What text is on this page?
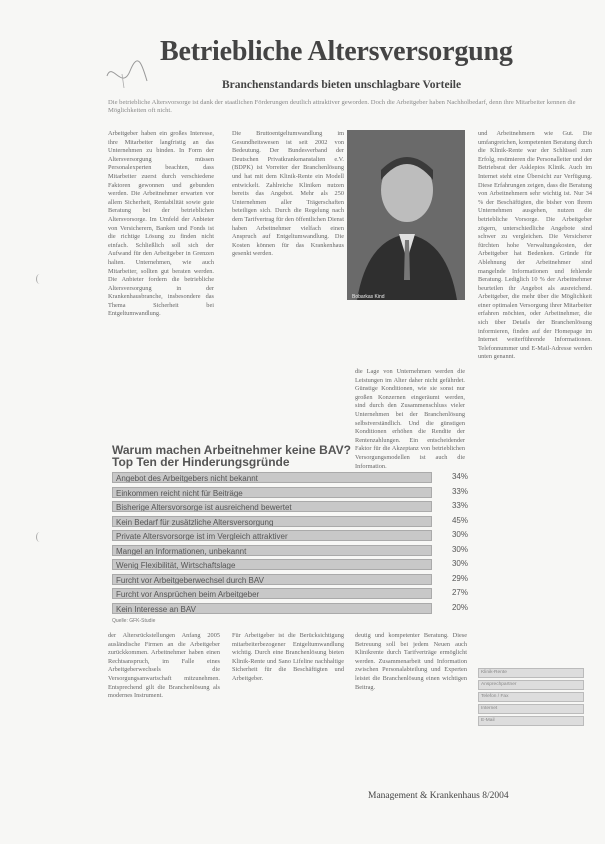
Betriebliche Altersversorgung
Branchenstandards bieten unschlagbare Vorteile
Die betriebliche Altersvorsorge ist dank der staatlichen Förderungen deutlich attraktiver geworden. Doch die Arbeitgeber haben Nachholbedarf, denn ihre Mitarbeiter kennen die Möglichkeiten oft nicht.
Arbeitgeber haben ein großes Interesse, ihre Mitarbeiter langfristig an das Unternehmen zu binden. In Form der Altersversorgung müssen Personalexperten beachten, dass Mitarbeiter zuerst durch verschiedene Faktoren gewonnen und gebunden werden. Die Arbeitnehmer erwarten vor allem Sicherheit, Rentabilität sowie gute Beratung bei der betrieblichen Altersvorsorge. Im Umfeld der Anbieter von Versicherern, Banken und Fonds ist die richtige Lösung zu finden nicht einfach. Schließlich soll sich der Aufwand für den Arbeitgeber in Grenzen halten. Unternehmen, wie auch Mitarbeiter, sollten gut beraten werden. Die Anbieter fordern die betriebliche Altersversorgung in der Krankenhausbranche, insbesondere das Thema Sicherheit bei Entgeltumwandlung.
Die Bruttoentgeltumwandlung im Gesundheitswesen ist seit 2002 von Bedeutung. Der Bundesverband der Deutschen Privatkrankenanstalten e.V. (BDPK) ist Vorreiter der Branchenlösung und hat mit dem Klinik-Rente ein Modell entwickelt. Zahlreiche Kliniken nutzen bereits das Angebot. Mehr als 250 Unternehmen aller Trägerschaften beteiligen sich. Durch die Regelung nach dem Tarifvertrag für den öffentlichen Dienst haben Arbeitnehmer vielfach einen Anspruch auf Entgeltumwandlung. Die Kosten können für das Krankenhaus gesenkt werden.
Bobarkas Kind
die Lage von Unternehmen werden die Leistungen im Alter daher nicht gefährdet. Günstige Konditionen, wie sie sonst nur großen Konzernen eingeräumt werden, sind durch den Zusammenschluss vieler Unternehmen bei der Branchenlösung selbstverständlich. Und die günstigen Konditionen erhöhen die Rendite der Rentenzahlungen. Ein entscheidender Faktor für die Akzeptanz von betrieblichen Versorgungsmodellen ist auch die Information.
und Arbeitnehmern wie Gut. Die umfangreichen, kompetenten Beratung durch die Klinik-Rente war der Schlüssel zum Erfolg, resümieren die Personalleiter und der Betriebsrat der Asklepios Klinik. Auch im Internet steht eine Übersicht zur Verfügung. Diese Erfahrungen zeigen, dass die Beratung von Arbeitnehmern sehr wichtig ist. Nur 34 % der Beschäftigten, die bisher von Ihrem Unternehmen ausgehen, nutzen die betriebliche Vorsorge. Die Arbeitgeber zögern, unterschiedliche Angebote sind schwer zu vergleichen. Die Versicherer fürchten hohe Verwaltungskosten, der Arbeitgeber hat Bedenken. Gründe für Ablehnung der Arbeitnehmer sind mangelnde Informationen und fehlende Beratung. Lediglich 10 % der Arbeitnehmer beurteilen ihr Angebot als ausreichend. Arbeitgeber, die mehr über die Möglichkeit einer optimalen Versorgung ihrer Mitarbeiter erfahren möchten, oder Arbeitnehmer, die sich über Details der Branchenlösung informieren, finden auf der Homepage im Internet weiterführende Informationen. Telefonnummer und E-Mail-Adresse werden unten genannt.
Warum machen Arbeitnehmer keine BAV?
Top Ten der Hinderungsgründe
Angebot des Arbeitgebers nicht bekannt	34%
Einkommen reicht nicht für Beiträge	33%
Bisherige Altersvorsorge ist ausreichend bewertet	33%
Kein Bedarf für zusätzliche Altersversorgung	45%
Private Altersvorsorge ist im Vergleich attraktiver	30%
Mangel an Informationen, unbekannt	30%
Wenig Flexibilität, Wirtschaftslage	30%
Furcht vor Arbeitgeberwechsel durch BAV	29%
Furcht vor Ansprüchen beim Arbeitgeber	27%
Kein Interesse an BAV	20%
Quelle: GFK-Studie
der Altersrückstellungen Anfang 2005 ausländische Firmen an die Arbeitgeber zurückkommen. Arbeitnehmer haben einen Rechtsanspruch, im Falle eines Arbeitgeberwechsels die Versorgungsanwartschaft mitzunehmen. Entsprechend gilt die Branchenlösung als modernes Instrument.
Für Arbeitgeber ist die Berücksichtigung mitarbeiterbezogener Entgeltumwandlung wichtig. Durch eine Branchenlösung bieten Klinik-Rente und Sano Lifeline nachhaltige Sicherheit für die Beschäftigten und Arbeitgeber.
deutig und kompetenter Beratung. Diese Betreuung soll bei jedem Neuen auch Klinikrente durch Tarifverträge ermöglicht werden. Zusammenarbeit und Information zwischen Personalabteilung und Experten leistet die Branchenlösung einen wichtigen Beitrag.
Klinik-Rente
Ansprechpartner
Telefon / Fax
Internet
E-Mail
Management & Krankenhaus 8/2004
